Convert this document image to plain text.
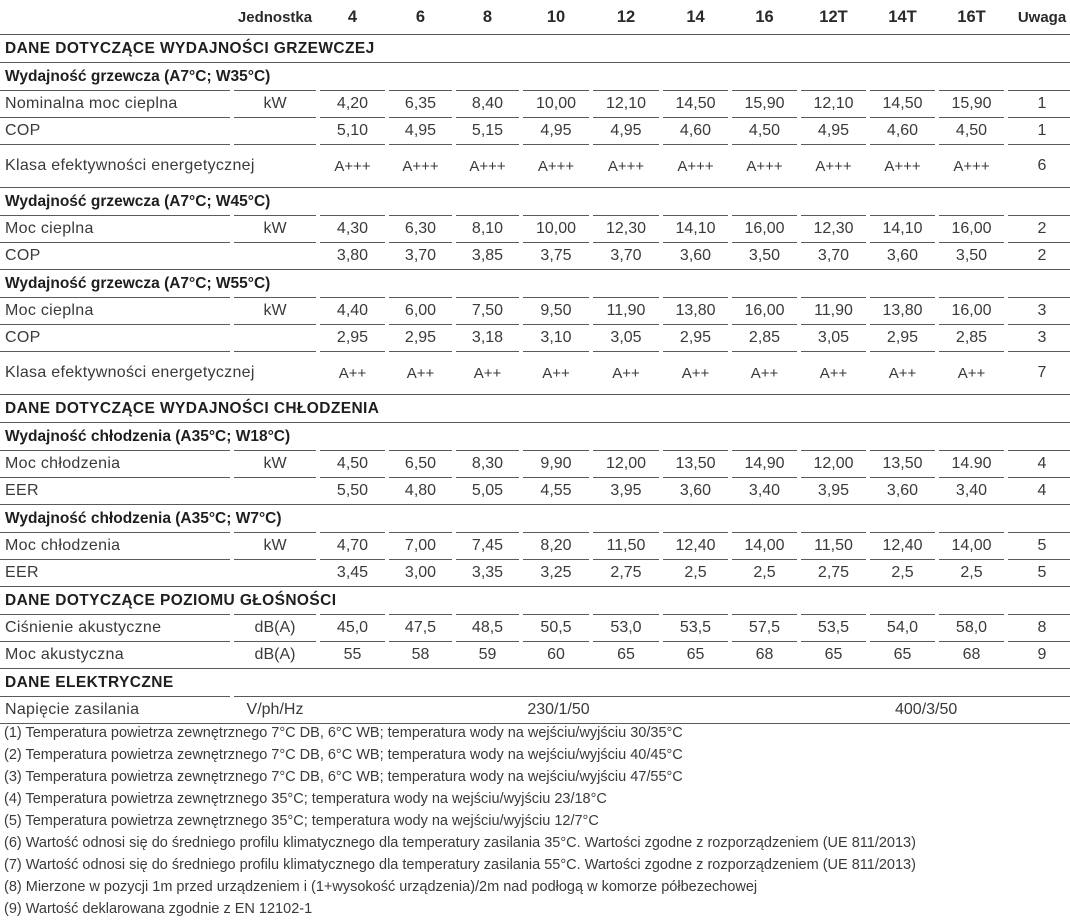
		Jednostka		4		6		8		10		12		14		16		12T		14T		16T		Uwaga
DANE DOTYCZĄCE WYDAJNOŚCI GRZEWCZEJ																								
Wydajność grzewcza (A7°C; W35°C)																								
Nominalna moc cieplna		kW		4,20		6,35		8,40		10,00		12,10		14,50		15,90		12,10		14,50		15,90		1
COP				5,10		4,95		5,15		4,95		4,95		4,60		4,50		4,95		4,60		4,50		1
Klasa efektywności energetycznej				A+++		A+++		A+++		A+++		A+++		A+++		A+++		A+++		A+++		A+++		6
Wydajność grzewcza (A7°C; W45°C)																								
Moc cieplna		kW		4,30		6,30		8,10		10,00		12,30		14,10		16,00		12,30		14,10		16,00		2
COP				3,80		3,70		3,85		3,75		3,70		3,60		3,50		3,70		3,60		3,50		2
Wydajność grzewcza (A7°C; W55°C)																								
Moc cieplna		kW		4,40		6,00		7,50		9,50		11,90		13,80		16,00		11,90		13,80		16,00		3
COP				2,95		2,95		3,18		3,10		3,05		2,95		2,85		3,05		2,95		2,85		3
Klasa efektywności energetycznej				A++		A++		A++		A++		A++		A++		A++		A++		A++		A++		7
DANE DOTYCZĄCE WYDAJNOŚCI CHŁODZENIA																								
Wydajność chłodzenia (A35°C; W18°C)																								
Moc chłodzenia		kW		4,50		6,50		8,30		9,90		12,00		13,50		14,90		12,00		13,50		14.90		4
EER				5,50		4,80		5,05		4,55		3,95		3,60		3,40		3,95		3,60		3,40		4
Wydajność chłodzenia (A35°C; W7°C)																								
Moc chłodzenia		kW		4,70		7,00		7,45		8,20		11,50		12,40		14,00		11,50		12,40		14,00		5
EER				3,45		3,00		3,35		3,25		2,75		2,5		2,5		2,75		2,5		2,5		5
DANE DOTYCZĄCE POZIOMU GŁOŚNOŚCI																								
Ciśnienie akustyczne		dB(A)		45,0		47,5		48,5		50,5		53,0		53,5		57,5		53,5		54,0		58,0		8
Moc akustyczna		dB(A)		55		58		59		60		65		65		68		65		65		68		9
DANE ELEKTRYCZNE																								
Napięcie zasilania		V/ph/Hz		230/1/50														400/3/50						
(1) Temperatura powietrza zewnętrznego 7°C DB, 6°C WB; temperatura wody na wejściu/wyjściu 30/35°C
(2) Temperatura powietrza zewnętrznego 7°C DB, 6°C WB; temperatura wody na wejściu/wyjściu 40/45°C
(3) Temperatura powietrza zewnętrznego 7°C DB, 6°C WB; temperatura wody na wejściu/wyjściu 47/55°C
(4) Temperatura powietrza zewnętrznego 35°C; temperatura wody na wejściu/wyjściu 23/18°C
(5) Temperatura powietrza zewnętrznego 35°C; temperatura wody na wejściu/wyjściu 12/7°C
(6) Wartość odnosi się do średniego profilu klimatycznego dla temperatury zasilania 35°C. Wartości zgodne z rozporządzeniem (UE 811/2013)
(7) Wartość odnosi się do średniego profilu klimatycznego dla temperatury zasilania 55°C. Wartości zgodne z rozporządzeniem (UE 811/2013)
(8) Mierzone w pozycji 1m przed urządzeniem i (1+wysokość urządzenia)/2m nad podłogą w komorze półbezechowej
(9) Wartość deklarowana zgodnie z EN 12102-1
